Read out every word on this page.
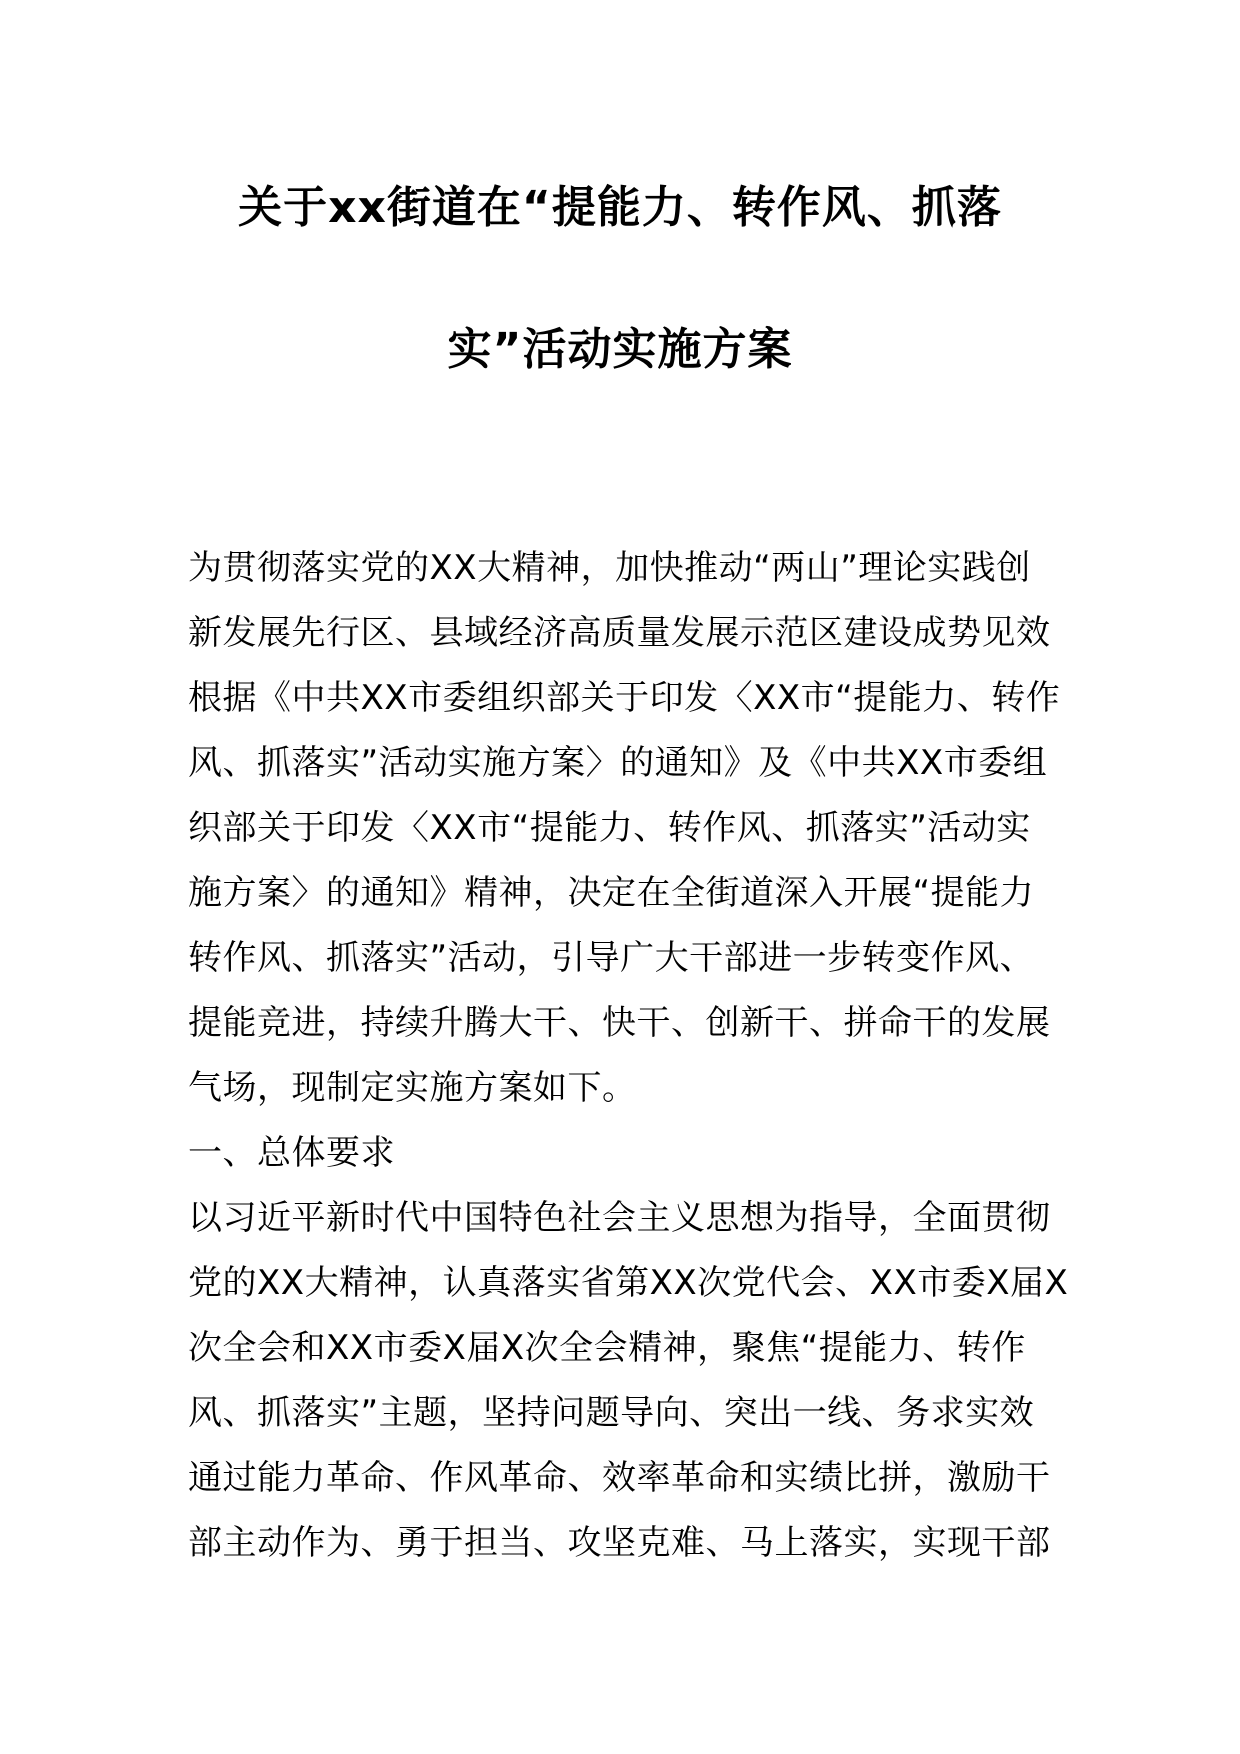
关于xx街道在“提能力、转作风、抓落
实”活动实施方案
为贯彻落实党的XX大精神，加快推动“两山”理论实践创
新发展先行区、县域经济高质量发展示范区建设成势见效
根据《中共XX市委组织部关于印发〈XX市“提能力、转作
风、抓落实”活动实施方案〉的通知》及《中共XX市委组
织部关于印发〈XX市“提能力、转作风、抓落实”活动实
施方案〉的通知》精神，决定在全街道深入开展“提能力
转作风、抓落实”活动，引导广大干部进一步转变作风、
提能竞进，持续升腾大干、快干、创新干、拼命干的发展
气场，现制定实施方案如下。
一、总体要求
以习近平新时代中国特色社会主义思想为指导，全面贯彻
党的XX大精神，认真落实省第XX次党代会、XX市委X届X
次全会和XX市委X届X次全会精神，聚焦“提能力、转作
风、抓落实”主题，坚持问题导向、突出一线、务求实效
通过能力革命、作风革命、效率革命和实绩比拼，激励干
部主动作为、勇于担当、攻坚克难、马上落实，实现干部
